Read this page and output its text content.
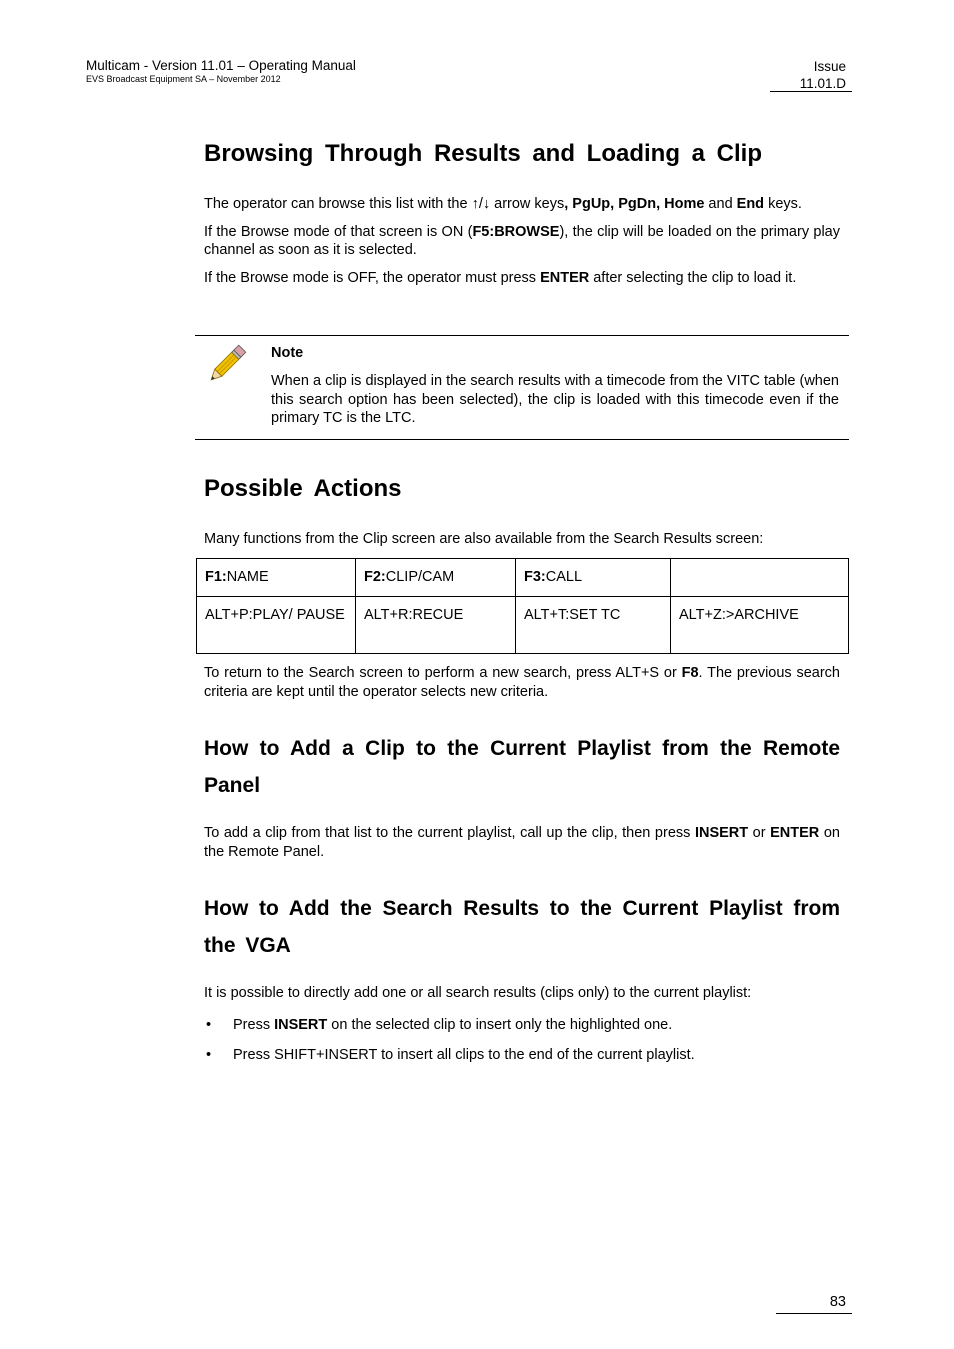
Multicam - Version 11.01 – Operating Manual
EVS Broadcast Equipment SA – November 2012
Issue
11.01.D
Browsing Through Results and Loading a Clip

The operator can browse this list with the ↑/↓ arrow keys, PgUp, PgDn, Home and End keys.

If the Browse mode of that screen is ON (F5:BROWSE), the clip will be loaded on the primary play channel as soon as it is selected.

If the Browse mode is OFF, the operator must press ENTER after selecting the clip to load it.

Note

When a clip is displayed in the search results with a timecode from the VITC table (when this search option has been selected), the clip is loaded with this timecode even if the primary TC is the LTC.

Possible Actions

Many functions from the Clip screen are also available from the Search Results screen:

F1:NAME	F2:CLIP/CAM	F3:CALL	
ALT+P:PLAY/ PAUSE	ALT+R:RECUE	ALT+T:SET TC	ALT+Z:>ARCHIVE

To return to the Search screen to perform a new search, press ALT+S or F8. The previous search criteria are kept until the operator selects new criteria.

How to Add a Clip to the Current Playlist from the Remote Panel

To add a clip from that list to the current playlist, call up the clip, then press INSERT or ENTER on the Remote Panel.

How to Add the Search Results to the Current Playlist from the VGA

It is possible to directly add one or all search results (clips only) to the current playlist:

• Press INSERT on the selected clip to insert only the highlighted one.
• Press SHIFT+INSERT to insert all clips to the end of the current playlist.
83
